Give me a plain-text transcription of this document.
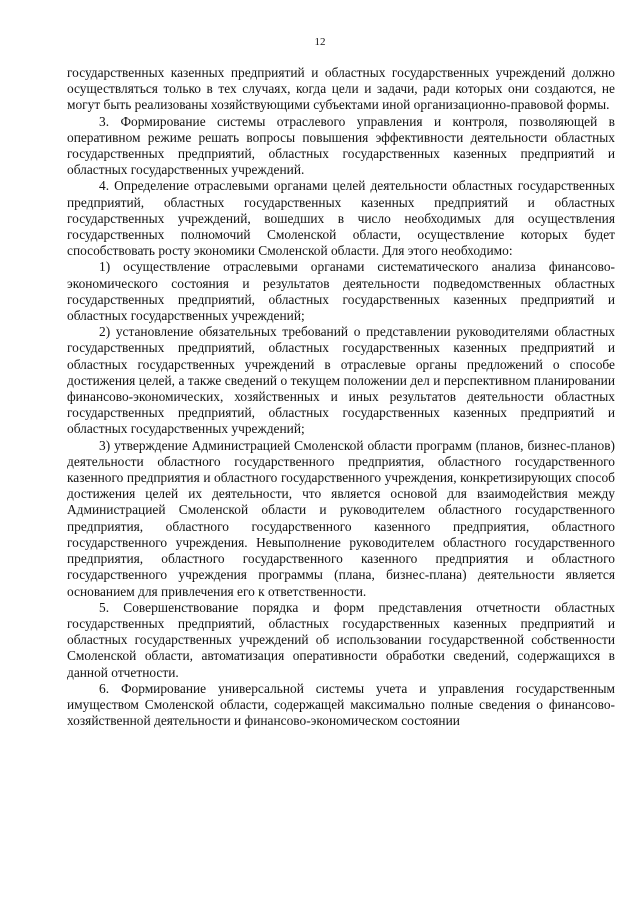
12

государственных казенных предприятий и областных государственных учреждений должно осуществляться только в тех случаях, когда цели и задачи, ради которых они создаются, не могут быть реализованы хозяйствующими субъектами иной организационно-правовой формы.

3. Формирование системы отраслевого управления и контроля, позволяющей в оперативном режиме решать вопросы повышения эффективности деятельности областных государственных предприятий, областных государственных казенных предприятий и областных государственных учреждений.

4. Определение отраслевыми органами целей деятельности областных государственных предприятий, областных государственных казенных предприятий и областных государственных учреждений, вошедших в число необходимых для осуществления государственных полномочий Смоленской области, осуществление которых будет способствовать росту экономики Смоленской области. Для этого необходимо:

1) осуществление отраслевыми органами систематического анализа финансово-экономического состояния и результатов деятельности подведомственных областных государственных предприятий, областных государственных казенных предприятий и областных государственных учреждений;

2) установление обязательных требований о представлении руководителями областных государственных предприятий, областных государственных казенных предприятий и областных государственных учреждений в отраслевые органы предложений о способе достижения целей, а также сведений о текущем положении дел и перспективном планировании финансово-экономических, хозяйственных и иных результатов деятельности областных государственных предприятий, областных государственных казенных предприятий и областных государственных учреждений;

3) утверждение Администрацией Смоленской области программ (планов, бизнес-планов) деятельности областного государственного предприятия, областного государственного казенного предприятия и областного государственного учреждения, конкретизирующих способ достижения целей их деятельности, что является основой для взаимодействия между Администрацией Смоленской области и руководителем областного государственного предприятия, областного государственного казенного предприятия, областного государственного учреждения. Невыполнение руководителем областного государственного предприятия, областного государственного казенного предприятия и областного государственного учреждения программы (плана, бизнес-плана) деятельности является основанием для привлечения его к ответственности.

5. Совершенствование порядка и форм представления отчетности областных государственных предприятий, областных государственных казенных предприятий и областных государственных учреждений об использовании государственной собственности Смоленской области, автоматизация оперативности обработки сведений, содержащихся в данной отчетности.

6. Формирование универсальной системы учета и управления государственным имуществом Смоленской области, содержащей максимально полные сведения о финансово-хозяйственной деятельности и финансово-экономическом состоянии
